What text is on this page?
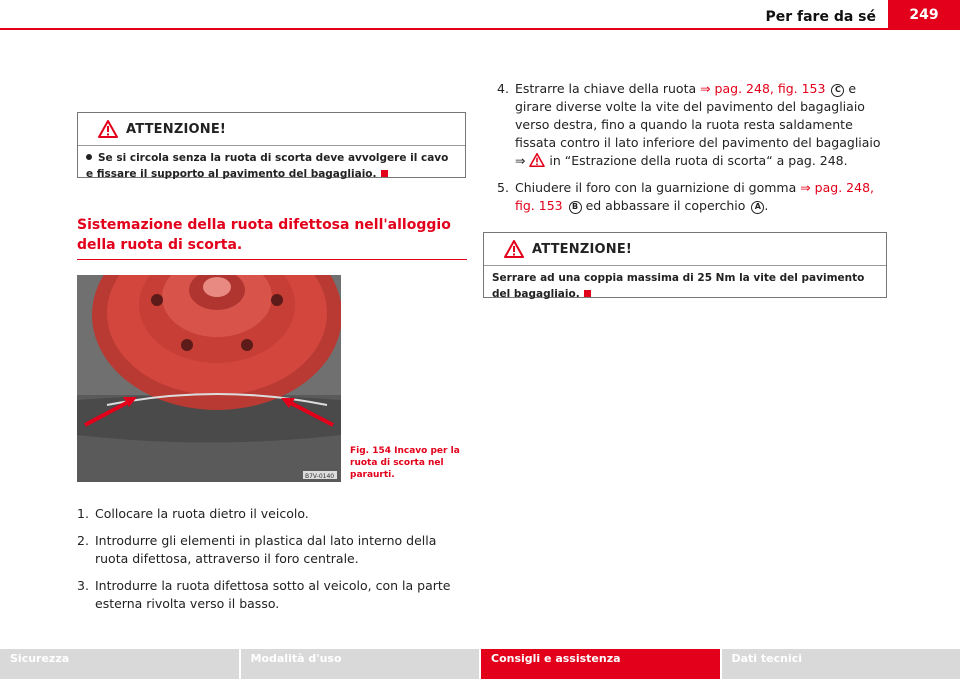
Per fare da sé	249
ATTENZIONE!
Se si circola senza la ruota di scorta deve avvolgere il cavo e fissare il supporto al pavimento del bagagliaio.
Sistemazione della ruota difettosa nell'alloggio della ruota di scorta.
B7V-0140
Fig. 154 Incavo per la ruota di scorta nel paraurti.
1. Collocare la ruota dietro il veicolo.
2. Introdurre gli elementi in plastica dal lato interno della ruota difettosa, attraverso il foro centrale.
3. Introdurre la ruota difettosa sotto al veicolo, con la parte esterna rivolta verso il basso.
4. Estrarre la chiave della ruota ⇒ pag. 248, fig. 153 C e girare diverse volte la vite del pavimento del bagagliaio verso destra, fino a quando la ruota resta saldamente fissata contro il lato inferiore del pavimento del bagagliaio ⇒  in “Estrazione della ruota di scorta“ a pag. 248.
5. Chiudere il foro con la guarnizione di gomma ⇒ pag. 248, fig. 153 B ed abbassare il coperchio A .
ATTENZIONE!
Serrare ad una coppia massima di 25 Nm la vite del pavimento del bagagliaio.
Sicurezza	Modalità d'uso	Consigli e assistenza	Dati tecnici
